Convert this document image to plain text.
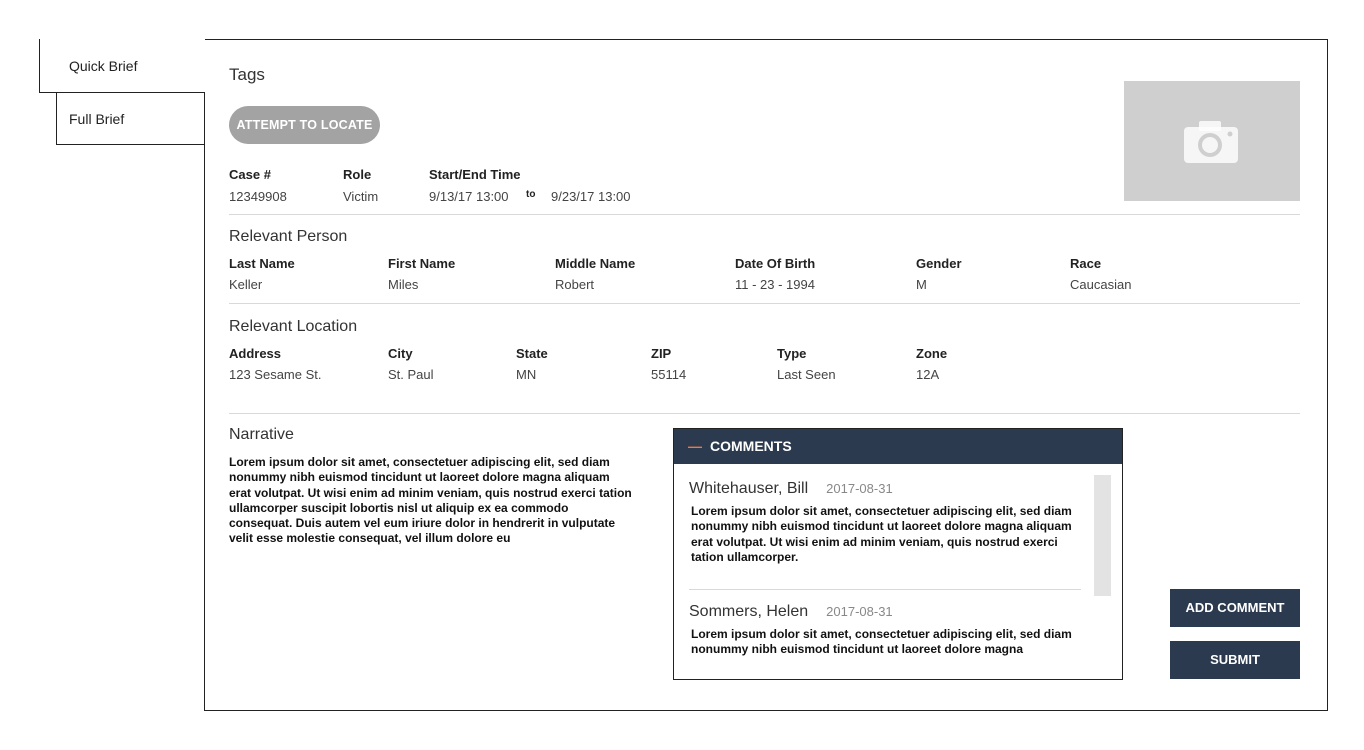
Quick Brief
Full Brief
Tags
ATTEMPT TO LOCATE
Case #
12349908
Role
Victim
Start/End Time
9/13/17 13:00 to 9/23/17 13:00
Relevant Person
Last Name
Keller
First Name
Miles
Middle Name
Robert
Date Of Birth
11 - 23 - 1994
Gender
M
Race
Caucasian
Relevant Location
Address
123 Sesame St.
City
St. Paul
State
MN
ZIP
55114
Type
Last Seen
Zone
12A
Narrative
Lorem ipsum dolor sit amet, consectetuer adipiscing elit, sed diam nonummy nibh euismod tincidunt ut laoreet dolore magna aliquam erat volutpat. Ut wisi enim ad minim veniam, quis nostrud exerci tation ullamcorper suscipit lobortis nisl ut aliquip ex ea commodo consequat. Duis autem vel eum iriure dolor in hendrerit in vulputate velit esse molestie consequat, vel illum dolore eu
— COMMENTS
Whitehauser, Bill 2017-08-31
Lorem ipsum dolor sit amet, consectetuer adipiscing elit, sed diam nonummy nibh euismod tincidunt ut laoreet dolore magna aliquam erat volutpat. Ut wisi enim ad minim veniam, quis nostrud exerci tation ullamcorper.
Sommers, Helen 2017-08-31
Lorem ipsum dolor sit amet, consectetuer adipiscing elit, sed diam nonummy nibh euismod tincidunt ut laoreet dolore magna
ADD COMMENT
SUBMIT
